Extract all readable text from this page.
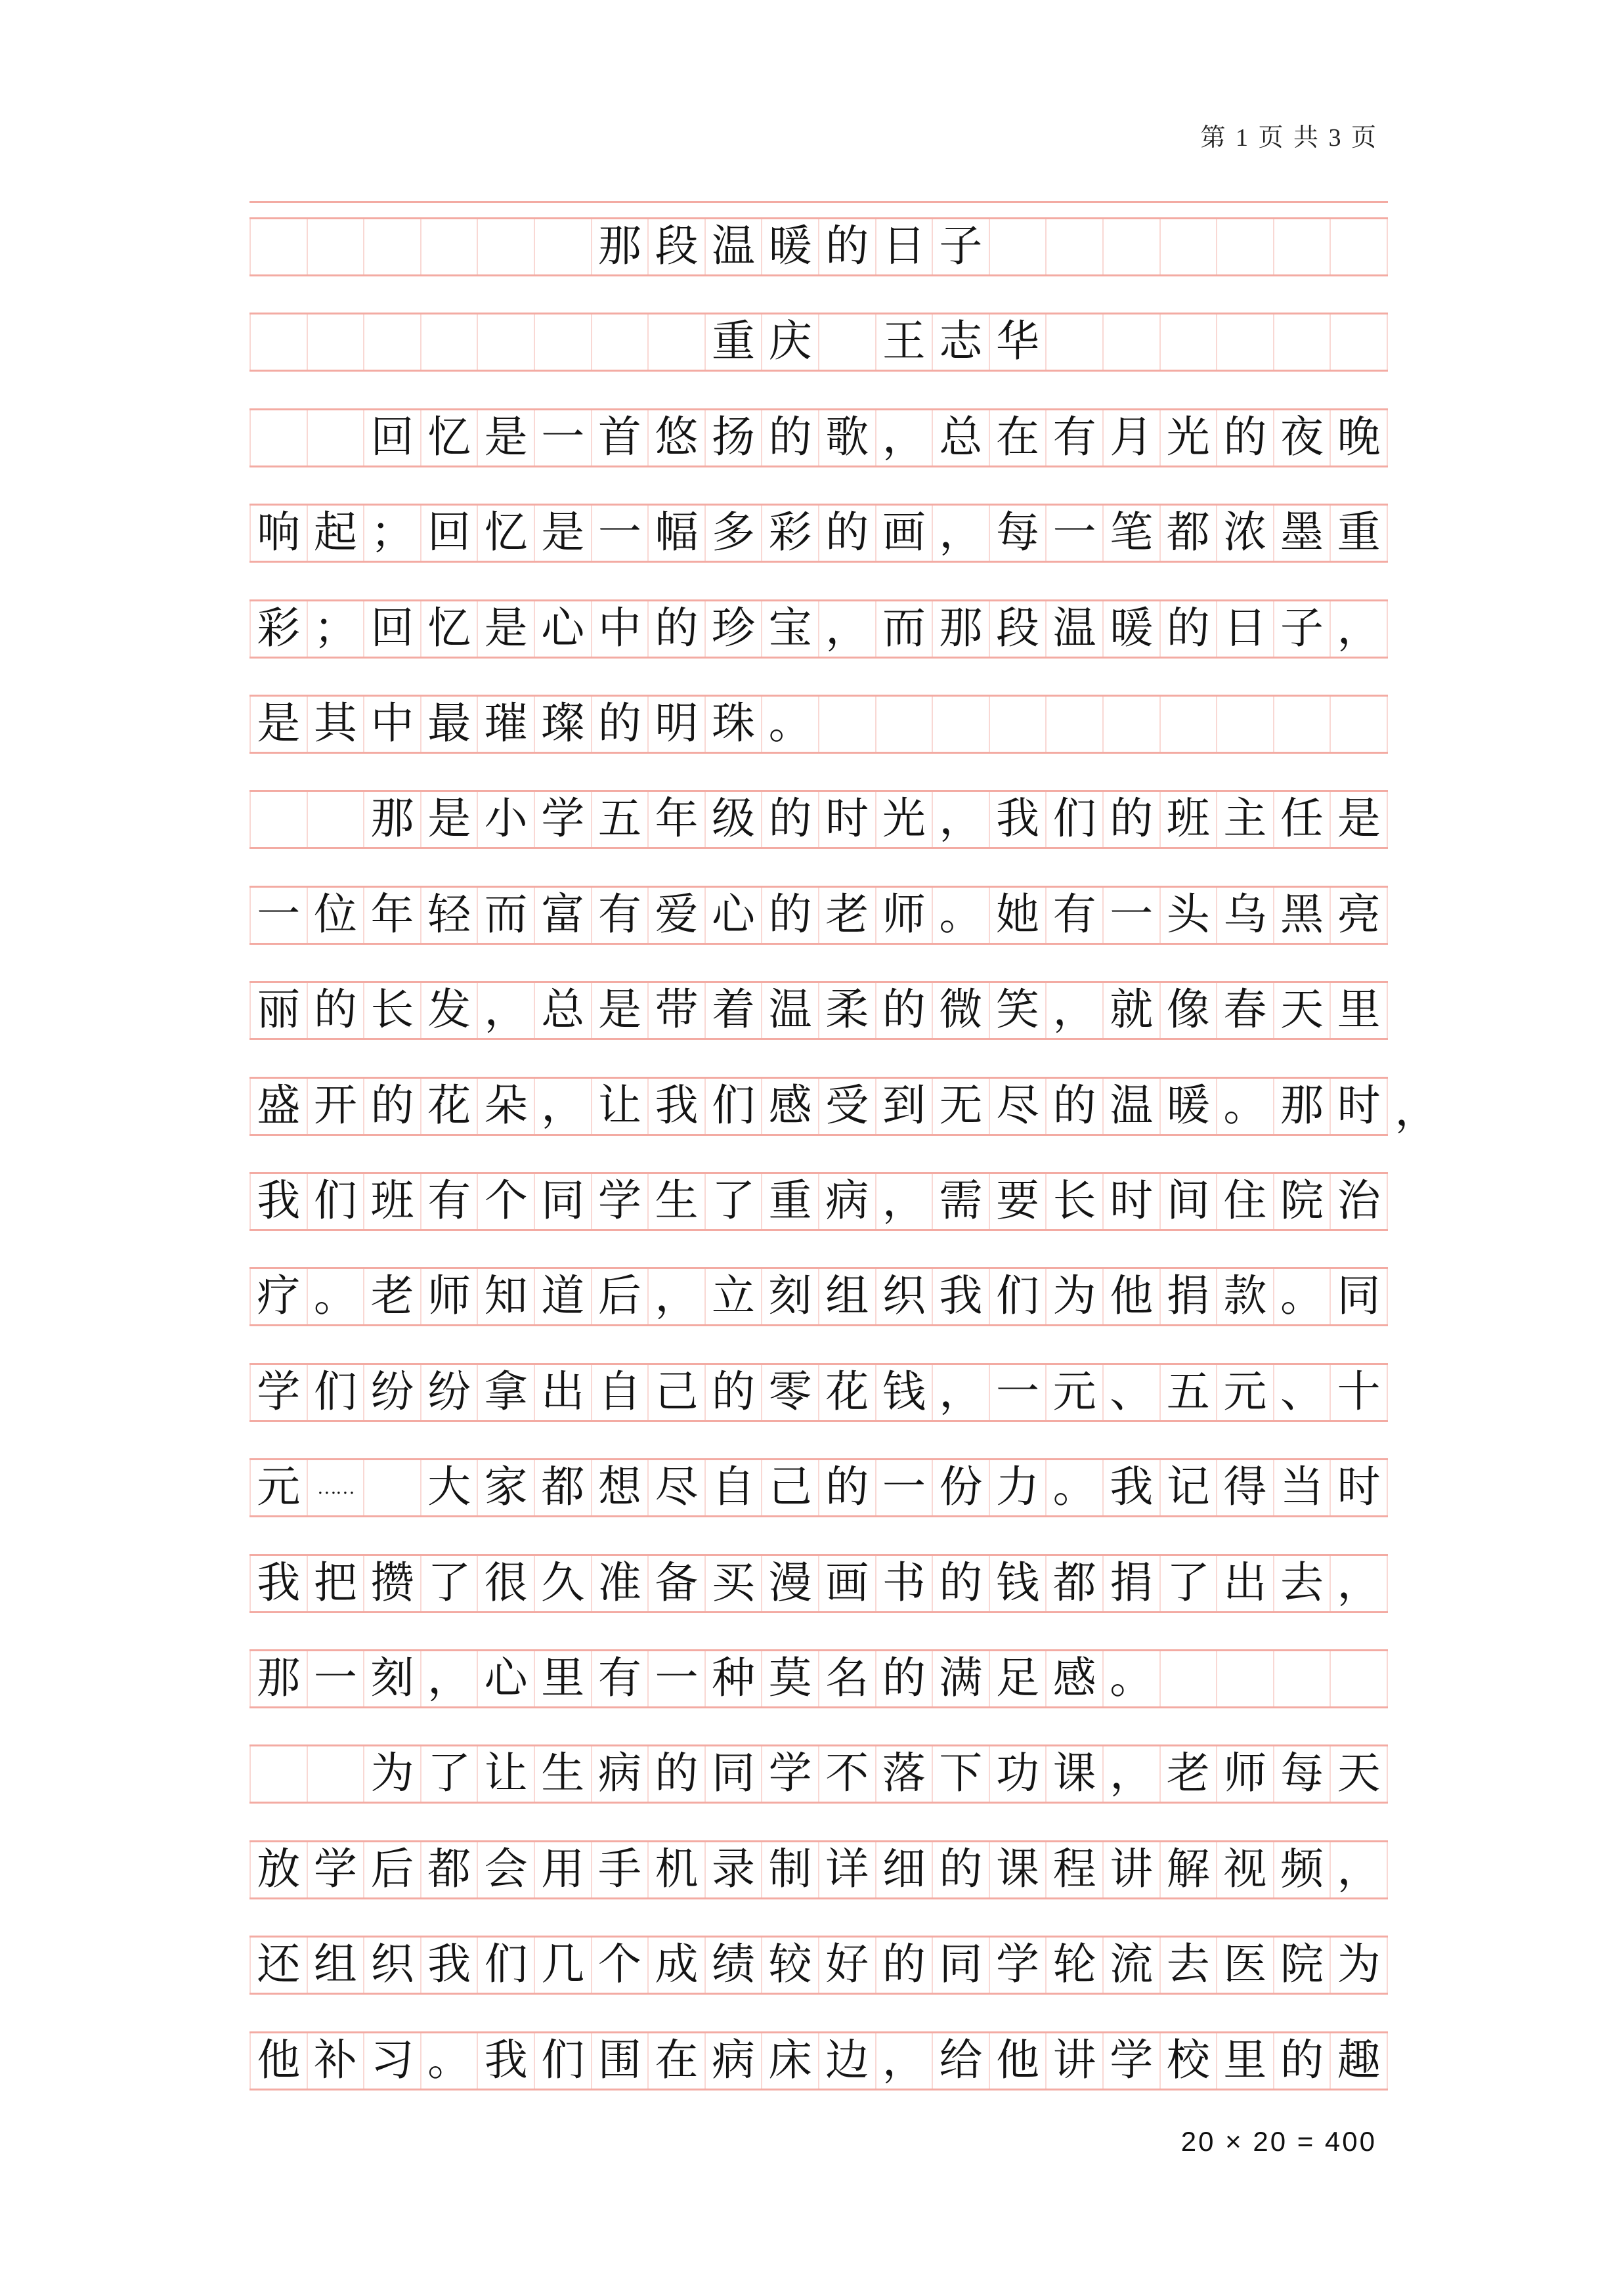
第 1 页 共 3 页
那 段 温 暖 的 日 子
重 庆 王 志 华
回 忆 是 一 首 悠 扬 的 歌 ， 总 在 有 月 光 的 夜 晚
响 起 ； 回 忆 是 一 幅 多 彩 的 画 ， 每 一 笔 都 浓 墨 重
彩 ； 回 忆 是 心 中 的 珍 宝 ， 而 那 段 温 暖 的 日 子 ，
是 其 中 最 璀 璨 的 明 珠 。
那 是 小 学 五 年 级 的 时 光 ， 我 们 的 班 主 任 是
一 位 年 轻 而 富 有 爱 心 的 老 师 。 她 有 一 头 乌 黑 亮
丽 的 长 发 ， 总 是 带 着 温 柔 的 微 笑 ， 就 像 春 天 里
盛 开 的 花 朵 ， 让 我 们 感 受 到 无 尽 的 温 暖 。 那 时 ，
我 们 班 有 个 同 学 生 了 重 病 ， 需 要 长 时 间 住 院 治
疗 。 老 师 知 道 后 ， 立 刻 组 织 我 们 为 他 捐 款 。 同
学 们 纷 纷 拿 出 自 己 的 零 花 钱 ， 一 元 、 五 元 、 十
元 …… 大 家 都 想 尽 自 己 的 一 份 力 。 我 记 得 当 时
我 把 攒 了 很 久 准 备 买 漫 画 书 的 钱 都 捐 了 出 去 ，
那 一 刻 ， 心 里 有 一 种 莫 名 的 满 足 感 。
为 了 让 生 病 的 同 学 不 落 下 功 课 ， 老 师 每 天
放 学 后 都 会 用 手 机 录 制 详 细 的 课 程 讲 解 视 频 ，
还 组 织 我 们 几 个 成 绩 较 好 的 同 学 轮 流 去 医 院 为
他 补 习 。 我 们 围 在 病 床 边 ， 给 他 讲 学 校 里 的 趣
20 × 20 = 400
